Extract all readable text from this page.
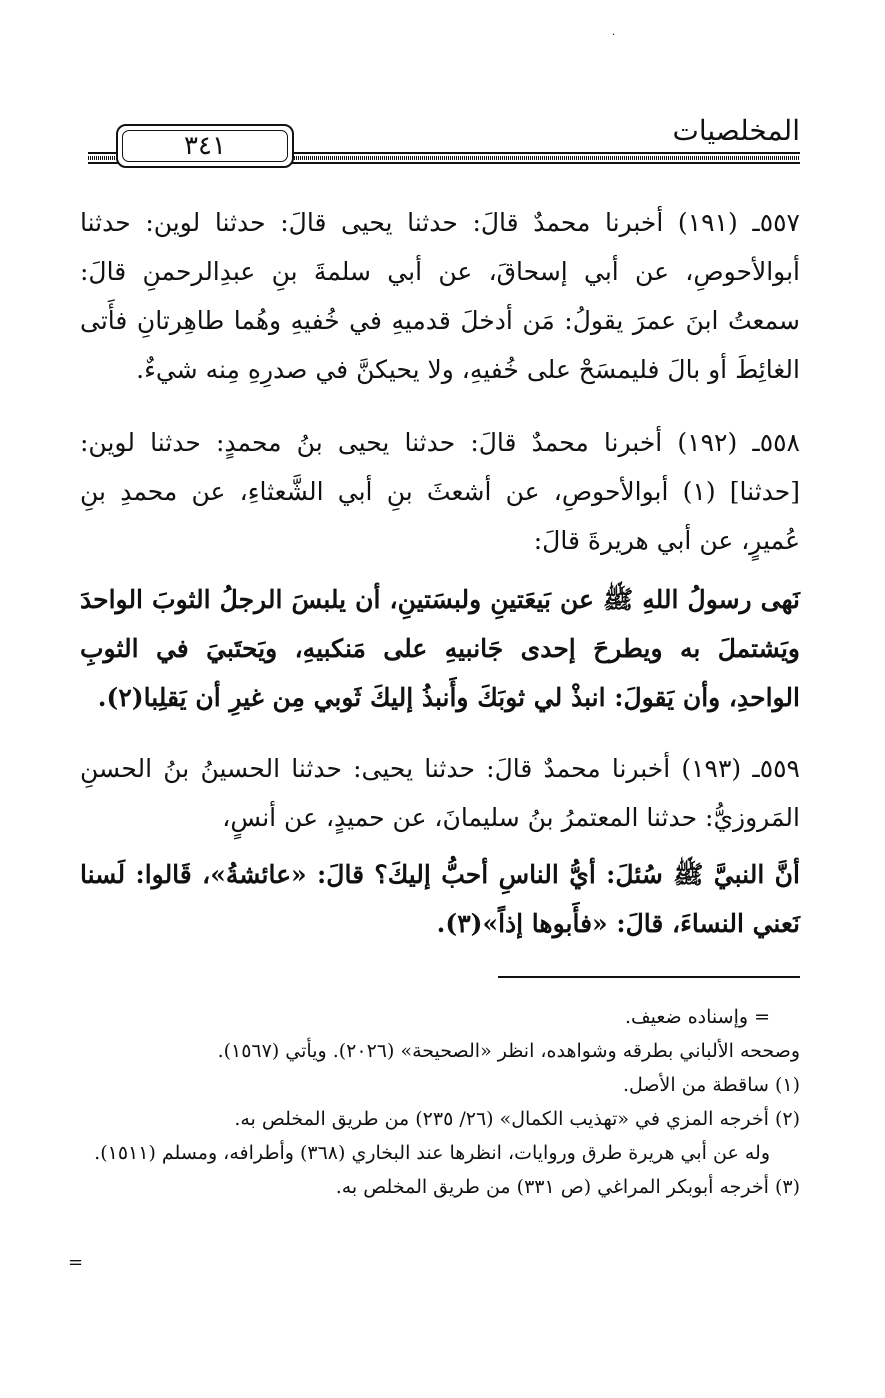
·
المخلصيات
٣٤١
٥٥٧ـ (١٩١) أخبرنا محمدٌ قالَ: حدثنا يحيى قالَ: حدثنا لوين: حدثنا أبوالأحوصِ، عن أبي إسحاقَ، عن أبي سلمةَ بنِ عبدِالرحمنِ قالَ: سمعتُ ابنَ عمرَ يقولُ: مَن أدخلَ قدميهِ في خُفيهِ وهُما طاهِرتانِ فأَتى الغائِطَ أو بالَ فليمسَحْ على خُفيهِ، ولا يحيكنَّ في صدرِهِ مِنه شيءٌ.
٥٥٨ـ (١٩٢) أخبرنا محمدٌ قالَ: حدثنا يحيى بنُ محمدٍ: حدثنا لوين: [حدثنا] (١) أبوالأحوصِ، عن أشعثَ بنِ أبي الشَّعثاءِ، عن محمدِ بنِ عُميرٍ، عن أبي هريرةَ قالَ:
نَهى رسولُ اللهِ ﷺ عن بَيعَتينِ ولبسَتينِ، أن يلبسَ الرجلُ الثوبَ الواحدَ ويَشتملَ به ويطرحَ إحدى جَانبيهِ على مَنكبيهِ، ويَحتَبيَ في الثوبِ الواحدِ، وأن يَقولَ: انبذْ لي ثوبَكَ وأَنبذُ إليكَ ثَوبي مِن غيرِ أن يَقلِبا(٢).
٥٥٩ـ (١٩٣) أخبرنا محمدٌ قالَ: حدثنا يحيى: حدثنا الحسينُ بنُ الحسنِ المَروزيُّ: حدثنا المعتمرُ بنُ سليمانَ، عن حميدٍ، عن أنسٍ،
أنَّ النبيَّ ﷺ سُئلَ: أيُّ الناسِ أحبُّ إليكَ؟ قالَ: «عائشةُ»، قَالوا: لَسنا نَعني النساءَ، قالَ: «فأَبوها إذاً»(٣).
= وإسناده ضعيف.
وصححه الألباني بطرقه وشواهده، انظر «الصحيحة» (٢٠٢٦). ويأتي (١٥٦٧).
(١) ساقطة من الأصل.
(٢) أخرجه المزي في «تهذيب الكمال» (٢٦/ ٢٣٥) من طريق المخلص به.
وله عن أبي هريرة طرق وروايات، انظرها عند البخاري (٣٦٨) وأطرافه، ومسلم (١٥١١).
(٣) أخرجه أبوبكر المراغي (ص ٣٣١) من طريق المخلص به.
=
